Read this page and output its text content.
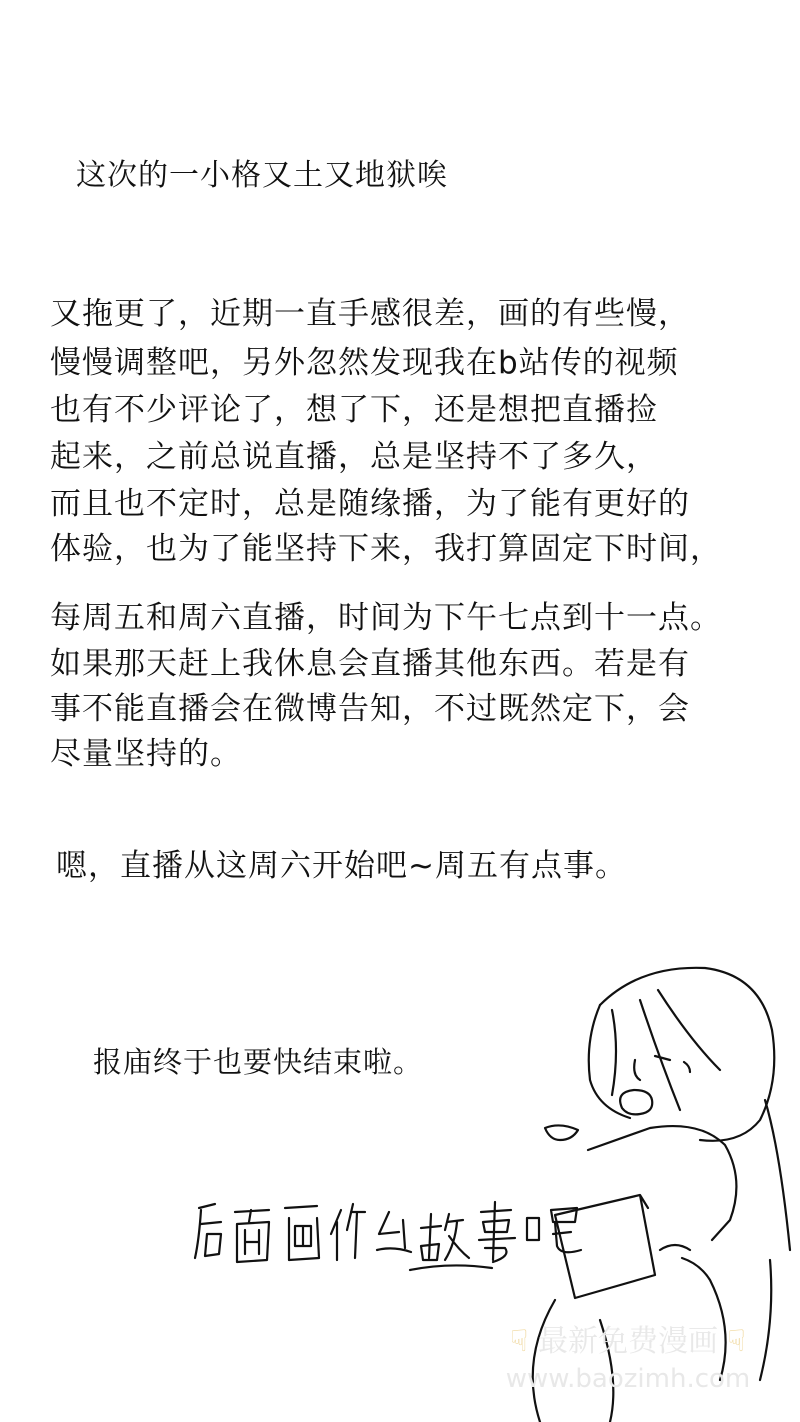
这次的一小格又土又地狱唉
又拖更了，近期一直手感很差，画的有些慢，
慢慢调整吧，另外忽然发现我在b站传的视频
也有不少评论了，想了下，还是想把直播捡
起来，之前总说直播，总是坚持不了多久，
而且也不定时，总是随缘播，为了能有更好的
体验，也为了能坚持下来，我打算固定下时间，
每周五和周六直播，时间为下午七点到十一点。
如果那天赶上我休息会直播其他东西。若是有
事不能直播会在微博告知，不过既然定下，会
尽量坚持的。
嗯，直播从这周六开始吧~周五有点事。
报庙终于也要快结束啦。
☟ 最新免费漫画 ☟
www.baozimh.com
